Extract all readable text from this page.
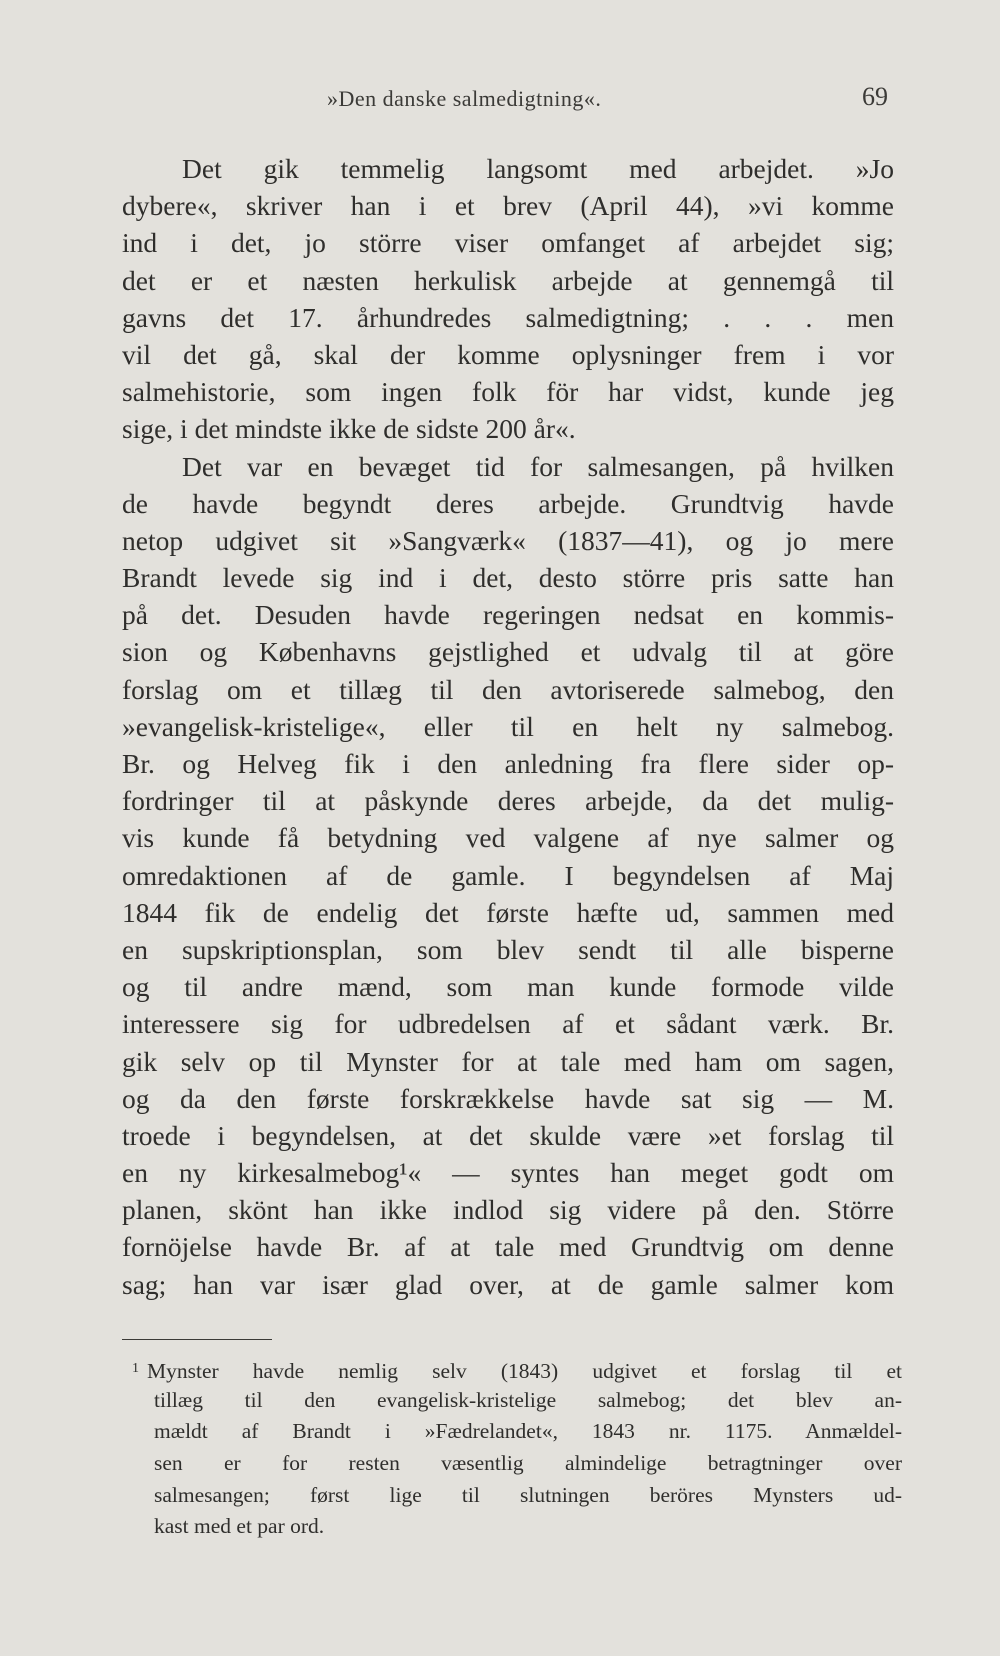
»Den danske salmedigtning«.	69
Det gik temmelig langsomt med arbejdet. »Jo
dybere«, skriver han i et brev (April 44), »vi komme
ind i det, jo större viser omfanget af arbejdet sig;
det er et næsten herkulisk arbejde at gennemgå til
gavns det 17. århundredes salmedigtning; . . . men
vil det gå, skal der komme oplysninger frem i vor
salmehistorie, som ingen folk för har vidst, kunde jeg
sige, i det mindste ikke de sidste 200 år«.
Det var en bevæget tid for salmesangen, på hvilken
de havde begyndt deres arbejde. Grundtvig havde
netop udgivet sit »Sangværk« (1837—41), og jo mere
Brandt levede sig ind i det, desto större pris satte han
på det. Desuden havde regeringen nedsat en kommis-
sion og Københavns gejstlighed et udvalg til at göre
forslag om et tillæg til den avtoriserede salmebog, den
»evangelisk-kristelige«, eller til en helt ny salmebog.
Br. og Helveg fik i den anledning fra flere sider op-
fordringer til at påskynde deres arbejde, da det mulig-
vis kunde få betydning ved valgene af nye salmer og
omredaktionen af de gamle. I begyndelsen af Maj
1844 fik de endelig det første hæfte ud, sammen med
en supskriptionsplan, som blev sendt til alle bisperne
og til andre mænd, som man kunde formode vilde
interessere sig for udbredelsen af et sådant værk. Br.
gik selv op til Mynster for at tale med ham om sagen,
og da den første forskrækkelse havde sat sig — M.
troede i begyndelsen, at det skulde være »et forslag til
en ny kirkesalmebog¹« — syntes han meget godt om
planen, skönt han ikke indlod sig videre på den. Större
fornöjelse havde Br. af at tale med Grundtvig om denne
sag; han var især glad over, at de gamle salmer kom
$^1$ Mynster havde nemlig selv (1843) udgivet et forslag til et
tillæg til den evangelisk-kristelige salmebog; det blev an-
mældt af Brandt i »Fædrelandet«, 1843 nr. 1175. Anmældel-
sen er for resten væsentlig almindelige betragtninger over
salmesangen; først lige til slutningen beröres Mynsters ud-
kast med et par ord.
